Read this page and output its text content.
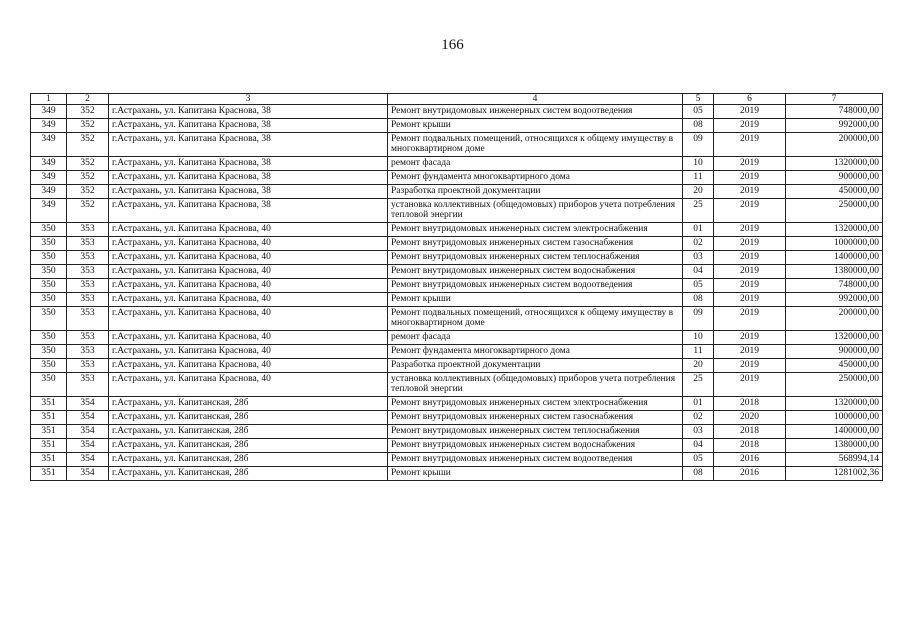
166
1	2	3	4	5	6	7
349	352	г.Астрахань, ул. Капитана Краснова, 38	Ремонт внутридомовых инженерных систем водоотведения	05	2019	748000,00
349	352	г.Астрахань, ул. Капитана Краснова, 38	Ремонт крыши	08	2019	992000,00
349	352	г.Астрахань, ул. Капитана Краснова, 38	Ремонт подвальных помещений, относящихся к общему имуществу в многоквартирном доме	09	2019	200000,00
349	352	г.Астрахань, ул. Капитана Краснова, 38	ремонт фасада	10	2019	1320000,00
349	352	г.Астрахань, ул. Капитана Краснова, 38	Ремонт фундамента многоквартирного дома	11	2019	900000,00
349	352	г.Астрахань, ул. Капитана Краснова, 38	Разработка проектной документации	20	2019	450000,00
349	352	г.Астрахань, ул. Капитана Краснова, 38	установка коллективных (общедомовых) приборов учета потребления тепловой энергии	25	2019	250000,00
350	353	г.Астрахань, ул. Капитана Краснова, 40	Ремонт внутридомовых инженерных систем электроснабжения	01	2019	1320000,00
350	353	г.Астрахань, ул. Капитана Краснова, 40	Ремонт внутридомовых инженерных систем газоснабжения	02	2019	1000000,00
350	353	г.Астрахань, ул. Капитана Краснова, 40	Ремонт внутридомовых инженерных систем теплоснабжения	03	2019	1400000,00
350	353	г.Астрахань, ул. Капитана Краснова, 40	Ремонт внутридомовых инженерных систем водоснабжения	04	2019	1380000,00
350	353	г.Астрахань, ул. Капитана Краснова, 40	Ремонт внутридомовых инженерных систем водоотведения	05	2019	748000,00
350	353	г.Астрахань, ул. Капитана Краснова, 40	Ремонт крыши	08	2019	992000,00
350	353	г.Астрахань, ул. Капитана Краснова, 40	Ремонт подвальных помещений, относящихся к общему имуществу в многоквартирном доме	09	2019	200000,00
350	353	г.Астрахань, ул. Капитана Краснова, 40	ремонт фасада	10	2019	1320000,00
350	353	г.Астрахань, ул. Капитана Краснова, 40	Ремонт фундамента многоквартирного дома	11	2019	900000,00
350	353	г.Астрахань, ул. Капитана Краснова, 40	Разработка проектной документации	20	2019	450000,00
350	353	г.Астрахань, ул. Капитана Краснова, 40	установка коллективных (общедомовых) приборов учета потребления тепловой энергии	25	2019	250000,00
351	354	г.Астрахань, ул. Капитанская, 28б	Ремонт внутридомовых инженерных систем электроснабжения	01	2018	1320000,00
351	354	г.Астрахань, ул. Капитанская, 28б	Ремонт внутридомовых инженерных систем газоснабжения	02	2020	1000000,00
351	354	г.Астрахань, ул. Капитанская, 28б	Ремонт внутридомовых инженерных систем теплоснабжения	03	2018	1400000,00
351	354	г.Астрахань, ул. Капитанская, 28б	Ремонт внутридомовых инженерных систем водоснабжения	04	2018	1380000,00
351	354	г.Астрахань, ул. Капитанская, 28б	Ремонт внутридомовых инженерных систем водоотведения	05	2016	568994,14
351	354	г.Астрахань, ул. Капитанская, 28б	Ремонт крыши	08	2016	1281002,36
